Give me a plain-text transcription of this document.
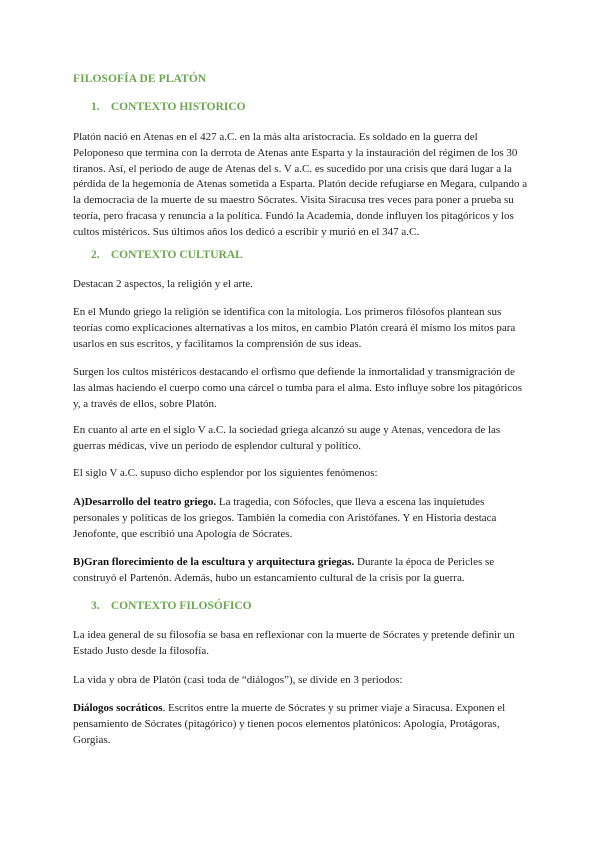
FILOSOFÍA DE PLATÓN
1. CONTEXTO HISTORICO
Platón nació en Atenas en el 427 a.C. en la más alta aristocracia. Es soldado en la guerra del Peloponeso que termina con la derrota de Atenas ante Esparta y la instauración del régimen de los 30 tiranos. Así, el periodo de auge de Atenas del s. V a.C. es sucedido por una crisis que dará lugar a la pérdida de la hegemonía de Atenas sometida a Esparta. Platón decide refugiarse en Megara, culpando a la democracia de la muerte de su maestro Sócrates. Visita Siracusa tres veces para poner a prueba su teoría, pero fracasa y renuncia a la política. Fundó la Academia, donde influyen los pitagóricos y los cultos mistéricos. Sus últimos años los dedicó a escribir y murió en el 347 a.C.
2. CONTEXTO CULTURAL
Destacan 2 aspectos, la religión y el arte.
En el Mundo griego la religión se identifica con la mitología. Los primeros filósofos plantean sus teorías como explicaciones alternativas a los mitos, en cambio Platón creará él mismo los mitos para usarlos en sus escritos, y facilitamos la comprensión de sus ideas.
Surgen los cultos mistéricos destacando el orfismo que defiende la inmortalidad y transmigración de las almas haciendo el cuerpo como una cárcel o tumba para el alma. Esto influye sobre los pitagóricos y, a través de ellos, sobre Platón.
En cuanto al arte en el siglo V a.C. la sociedad griega alcanzó su auge y Atenas, vencedora de las guerras médicas, vive un periodo de esplendor cultural y político.
El siglo V a.C. supuso dicho esplendor por los siguientes fenómenos:
A)Desarrollo del teatro griego. La tragedia, con Sófocles, que lleva a escena las inquietudes personales y políticas de los griegos. También la comedia con Aristófanes. Y en Historia destaca Jenofonte, que escribió una Apología de Sócrates.
B)Gran florecimiento de la escultura y arquitectura griegas. Durante la época de Pericles se construyó el Partenón. Además, hubo un estancamiento cultural de la crisis por la guerra.
3. CONTEXTO FILOSÓFICO
La idea general de su filosofía se basa en reflexionar con la muerte de Sócrates y pretende definir un Estado Justo desde la filosofía.
La vida y obra de Platón (casi toda de “diálogos”), se divide en 3 periodos:
Diálogos socráticos. Escritos entre la muerte de Sócrates y su primer viaje a Siracusa. Exponen el pensamiento de Sócrates (pitagórico) y tienen pocos elementos platónicos: Apología, Protágoras, Gorgias.
